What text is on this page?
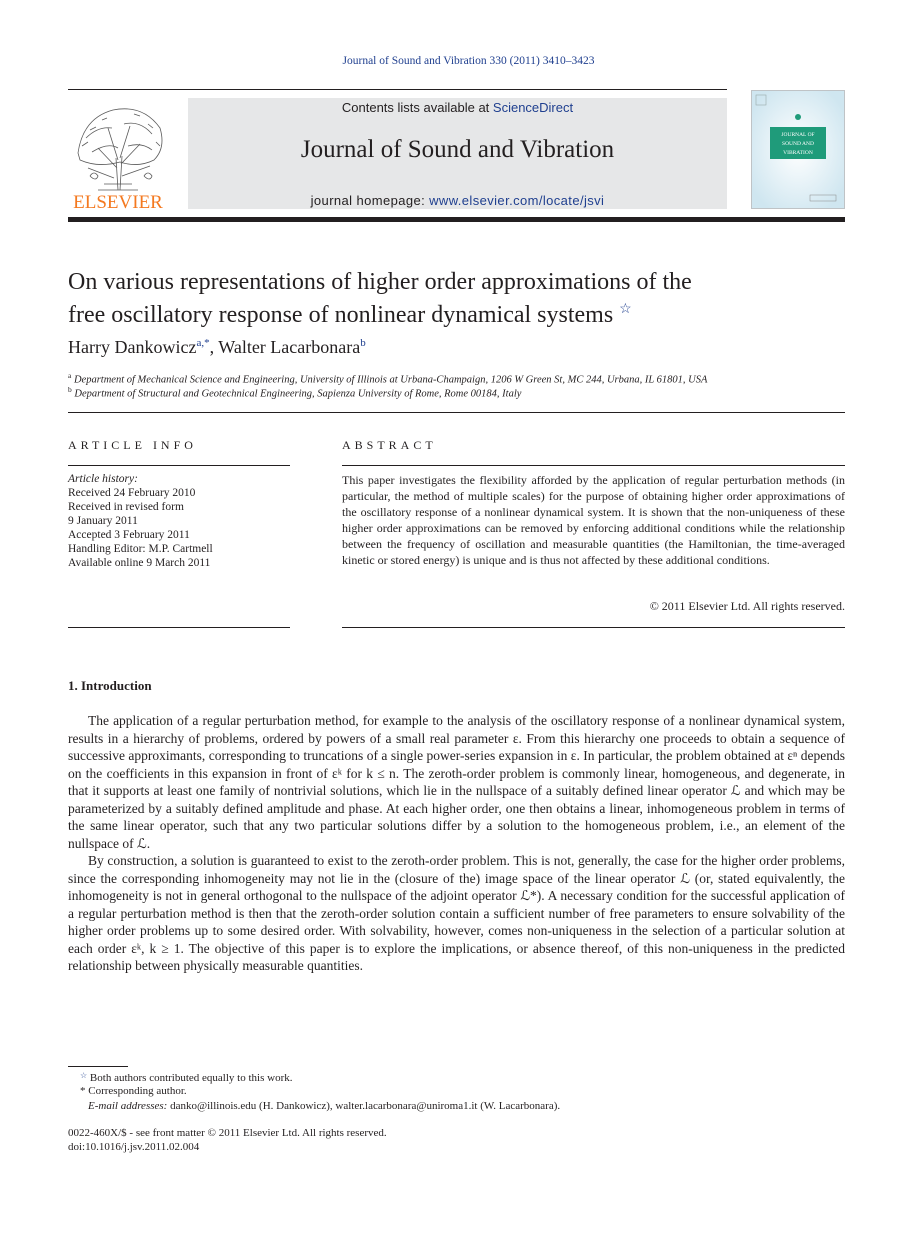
Journal of Sound and Vibration 330 (2011) 3410–3423
ELSEVIER
Contents lists available at ScienceDirect
Journal of Sound and Vibration
journal homepage: www.elsevier.com/locate/jsvi
JOURNAL OF
SOUND AND
VIBRATION
On various representations of higher order approximations of the
free oscillatory response of nonlinear dynamical systems ☆
Harry Dankowicz$^{a,*}$, Walter Lacarbonara$^b$
$^a$ Department of Mechanical Science and Engineering, University of Illinois at Urbana-Champaign, 1206 W Green St, MC 244, Urbana, IL 61801, USA
$^b$ Department of Structural and Geotechnical Engineering, Sapienza University of Rome, Rome 00184, Italy
ARTICLE INFO	ABSTRACT
Article history:
Received 24 February 2010
Received in revised form
9 January 2011
Accepted 3 February 2011
Handling Editor: M.P. Cartmell
Available online 9 March 2011
This paper investigates the flexibility afforded by the application of regular perturbation methods (in particular, the method of multiple scales) for the purpose of obtaining higher order approximations of the oscillatory response of a nonlinear dynamical system. It is shown that the non-uniqueness of these higher order approximations can be removed by enforcing additional conditions while the relationship between the frequency of oscillation and measurable quantities (the Hamiltonian, the time-averaged kinetic or stored energy) is unique and is thus not affected by these additional conditions.
© 2011 Elsevier Ltd. All rights reserved.
1. Introduction

The application of a regular perturbation method, for example to the analysis of the oscillatory response of a nonlinear dynamical system, results in a hierarchy of problems, ordered by powers of a small real parameter ε. From this hierarchy one proceeds to obtain a sequence of successive approximants, corresponding to truncations of a single power-series expansion in ε. In particular, the problem obtained at εⁿ depends on the coefficients in this expansion in front of εᵏ for k ≤ n. The zeroth-order problem is commonly linear, homogeneous, and degenerate, in that it supports at least one family of nontrivial solutions, which lie in the nullspace of a suitably defined linear operator ℒ and which may be parameterized by a suitably defined amplitude and phase. At each higher order, one then obtains a linear, inhomogeneous problem in terms of the same linear operator, such that any two particular solutions differ by a solution to the homogeneous problem, i.e., an element of the nullspace of ℒ.

By construction, a solution is guaranteed to exist to the zeroth-order problem. This is not, generally, the case for the higher order problems, since the corresponding inhomogeneity may not lie in the (closure of the) image space of the linear operator ℒ (or, stated equivalently, the inhomogeneity is not in general orthogonal to the nullspace of the adjoint operator ℒ*). A necessary condition for the successful application of a regular perturbation method is then that the zeroth-order solution contain a sufficient number of free parameters to ensure solvability of the higher order problems up to some desired order. With solvability, however, comes non-uniqueness in the selection of a particular solution at each order εᵏ, k ≥ 1. The objective of this paper is to explore the implications, or absence thereof, of this non-uniqueness in the predicted relationship between physically measurable quantities.

☆ Both authors contributed equally to this work.
* Corresponding author.
E-mail addresses: danko@illinois.edu (H. Dankowicz), walter.lacarbonara@uniroma1.it (W. Lacarbonara).
0022-460X/$ - see front matter © 2011 Elsevier Ltd. All rights reserved.
doi:10.1016/j.jsv.2011.02.004
